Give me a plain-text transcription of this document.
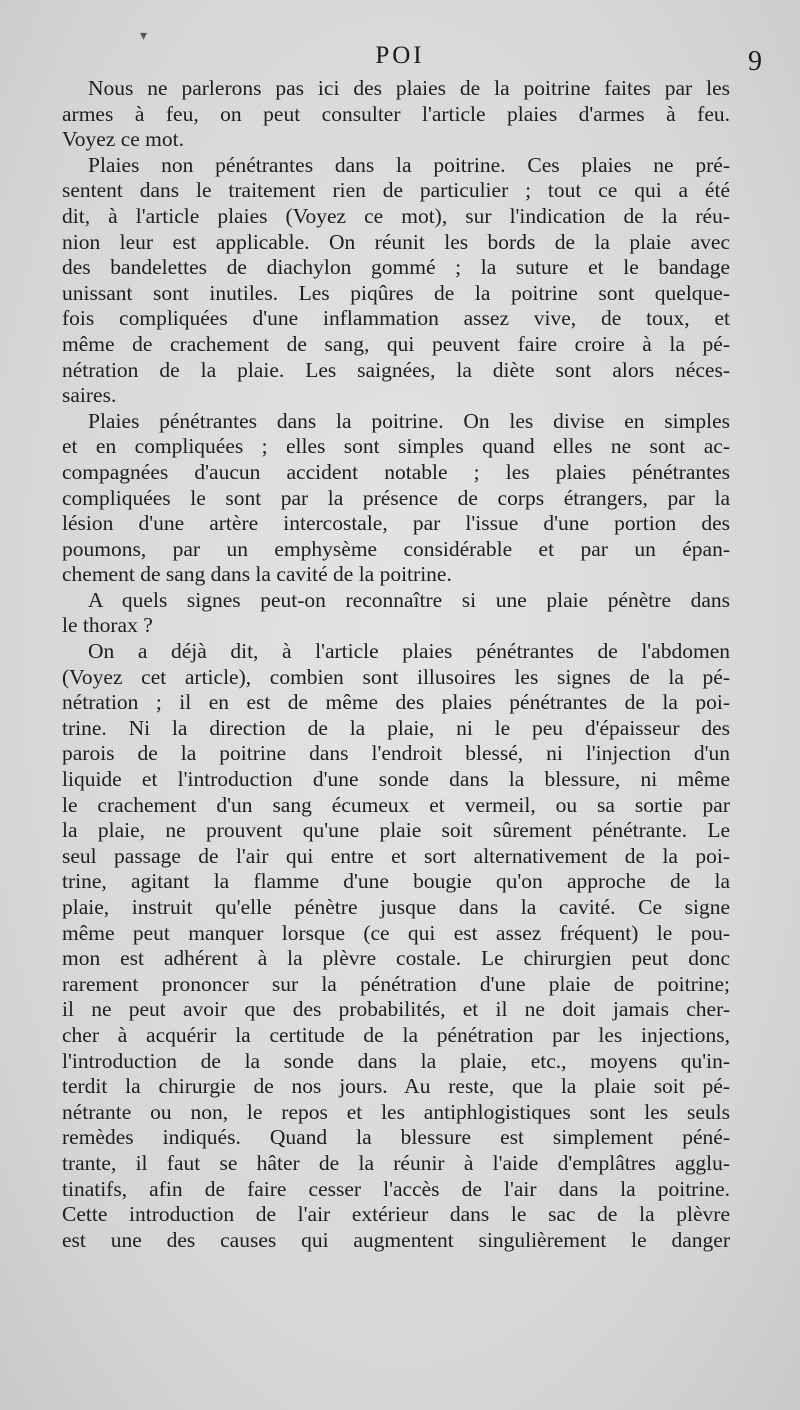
▾
POI	9
Nous ne parlerons pas ici des plaies de la poitrine faites par les
armes à feu, on peut consulter l'article plaies d'armes à feu.
Voyez ce mot.
Plaies non pénétrantes dans la poitrine. Ces plaies ne pré-
sentent dans le traitement rien de particulier ; tout ce qui a été
dit, à l'article plaies (Voyez ce mot), sur l'indication de la réu-
nion leur est applicable. On réunit les bords de la plaie avec
des bandelettes de diachylon gommé ; la suture et le bandage
unissant sont inutiles. Les piqûres de la poitrine sont quelque-
fois compliquées d'une inflammation assez vive, de toux, et
même de crachement de sang, qui peuvent faire croire à la pé-
nétration de la plaie. Les saignées, la diète sont alors néces-
saires.
Plaies pénétrantes dans la poitrine. On les divise en simples
et en compliquées ; elles sont simples quand elles ne sont ac-
compagnées d'aucun accident notable ; les plaies pénétrantes
compliquées le sont par la présence de corps étrangers, par la
lésion d'une artère intercostale, par l'issue d'une portion des
poumons, par un emphysème considérable et par un épan-
chement de sang dans la cavité de la poitrine.
A quels signes peut-on reconnaître si une plaie pénètre dans
le thorax ?
On a déjà dit, à l'article plaies pénétrantes de l'abdomen
(Voyez cet article), combien sont illusoires les signes de la pé-
nétration ; il en est de même des plaies pénétrantes de la poi-
trine. Ni la direction de la plaie, ni le peu d'épaisseur des
parois de la poitrine dans l'endroit blessé, ni l'injection d'un
liquide et l'introduction d'une sonde dans la blessure, ni même
le crachement d'un sang écumeux et vermeil, ou sa sortie par
la plaie, ne prouvent qu'une plaie soit sûrement pénétrante. Le
seul passage de l'air qui entre et sort alternativement de la poi-
trine, agitant la flamme d'une bougie qu'on approche de la
plaie, instruit qu'elle pénètre jusque dans la cavité. Ce signe
même peut manquer lorsque (ce qui est assez fréquent) le pou-
mon est adhérent à la plèvre costale. Le chirurgien peut donc
rarement prononcer sur la pénétration d'une plaie de poitrine;
il ne peut avoir que des probabilités, et il ne doit jamais cher-
cher à acquérir la certitude de la pénétration par les injections,
l'introduction de la sonde dans la plaie, etc., moyens qu'in-
terdit la chirurgie de nos jours. Au reste, que la plaie soit pé-
nétrante ou non, le repos et les antiphlogistiques sont les seuls
remèdes indiqués. Quand la blessure est simplement péné-
trante, il faut se hâter de la réunir à l'aide d'emplâtres agglu-
tinatifs, afin de faire cesser l'accès de l'air dans la poitrine.
Cette introduction de l'air extérieur dans le sac de la plèvre
est une des causes qui augmentent singulièrement le danger
